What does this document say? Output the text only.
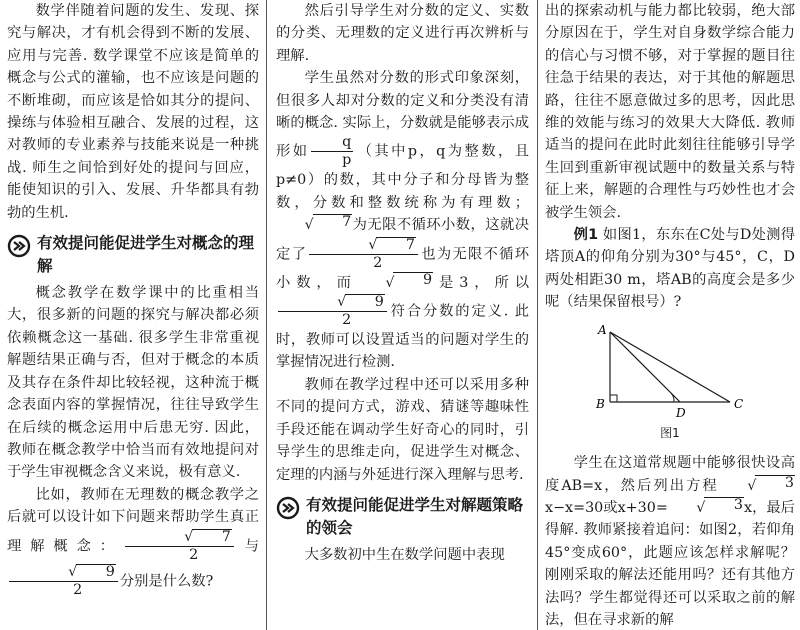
数学伴随着问题的发生、发现、探究与解决，才有机会得到不断的发展、应用与完善. 数学课堂不应该是简单的概念与公式的灌输，也不应该是问题的不断堆砌，而应该是恰如其分的提问、操练与体验相互融合、发展的过程，这对教师的专业素养与技能来说是一种挑战. 师生之间恰到好处的提问与回应，能使知识的引入、发展、升华都具有勃勃的生机.

有效提问能促进学生对概念的理解

概念教学在数学课中的比重相当大，很多新的问题的探究与解决都必须依赖概念这一基础. 很多学生非常重视解题结果正确与否，但对于概念的本质及其存在条件却比较轻视，这种流于概念表面内容的掌握情况，往往导致学生在后续的概念运用中后患无穷. 因此，教师在概念教学中恰当而有效地提问对于学生审视概念含义来说，极有意义.

比如，教师在无理数的概念教学之后就可以设计如下问题来帮助学生真正理解概念： √	7
2 与
√	9
2 分别是什么数?

然后引导学生对分数的定义、实数的分类、无理数的定义进行再次辨析与理解.

学生虽然对分数的形式印象深刻，但很多人却对分数的定义和分类没有清晰的概念. 实际上，分数就是能够表示成形如 $\frac{q}{p}$ （其中p，q为整数，且p≠0）的数，其中分子和分母皆为整数，分数和整数统称为有理数；
√	7 为无限不循环小数，这就决定了 √	7
2 也为无限不循环小数，而	√	9 是3，所以
√	9
2 符合分数的定义. 此时，教师可以设置适当的问题对学生的掌握情况进行检测.

教师在教学过程中还可以采用多种不同的提问方式，游戏、猜谜等趣味性手段还能在调动学生好奇心的同时，引导学生的思维走向，促进学生对概念、定理的内涵与外延进行深入理解与思考.

有效提问能促进学生对解题策略的领会

大多数初中生在数学问题中表现

出的探索动机与能力都比较弱，绝大部分原因在于，学生对自身数学综合能力的信心与习惯不够，对于掌握的题目往往急于结果的表达，对于其他的解题思路，往往不愿意做过多的思考，因此思维的效能与练习的效果大大降低. 教师适当的提问在此时此刻往往能够引导学生回到重新审视试题中的数量关系与特征上来，解题的合理性与巧妙性也才会被学生领会.

例1 如图1，东东在C处与D处测得塔顶A的仰角分别为30°与45°，C，D两处相距30 m，塔AB的高度会是多少呢（结果保留根号）?

A
B
D
C
图1

学生在这道常规题中能够很快设高度AB=x，然后列出方程	√	3
x−x=30或x+30=	√	3 x，最后得解. 教师紧接着追问：如图2，若仰角45°变成60°，此题应该怎样求解呢？刚刚采取的解法还能用吗？还有其他方法吗？学生都觉得还可以采取之前的解法，但在寻求新的解
